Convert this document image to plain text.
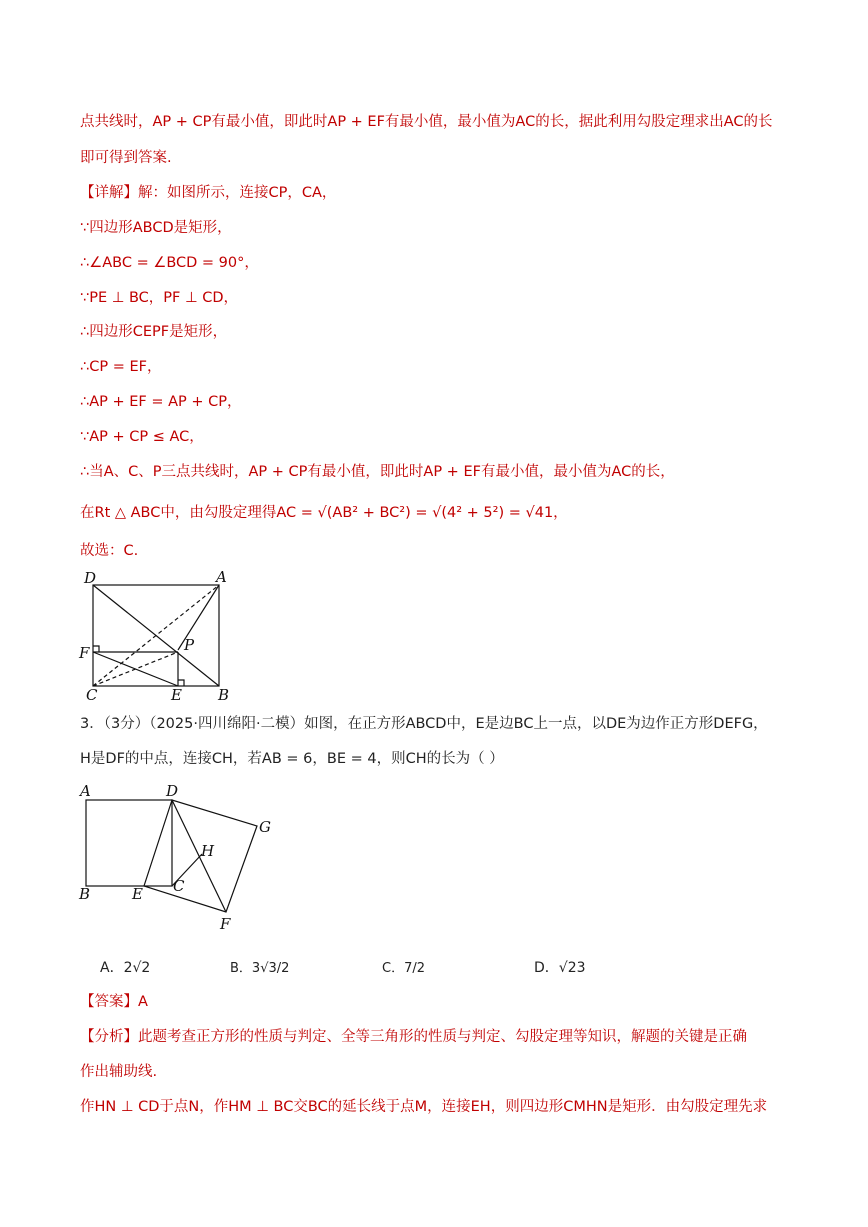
点共线时，AP + CP有最小值，即此时AP + EF有最小值，最小值为AC的长，据此利用勾股定理求出AC的长
即可得到答案.
【详解】解：如图所示，连接CP，CA，
∵四边形ABCD是矩形，
∴∠ABC = ∠BCD = 90°，
∵PE ⊥ BC，PF ⊥ CD，
∴四边形CEPF是矩形，
∴CP = EF，
∴AP + EF = AP + CP，
∵AP + CP ≤ AC，
∴当A、C、P三点共线时，AP + CP有最小值，即此时AP + EF有最小值，最小值为AC的长，
在Rt △ ABC中，由勾股定理得AC = √(AB² + BC²) = √(4² + 5²) = √41，
故选：C.
D	A
F	P
C	E B
3．（3分）（2025·四川绵阳·二模）如图，在正方形ABCD中，E是边BC上一点，以DE为边作正方形DEFG，
H是DF的中点，连接CH，若AB = 6，BE = 4，则CH的长为（ ）
A	D
G
H
C
B	E
F
A．2√2	B．3√3/2	C．7/2	D．√23
【答案】A
【分析】此题考查正方形的性质与判定、全等三角形的性质与判定、勾股定理等知识，解题的关键是正确
作出辅助线.
作HN ⊥ CD于点N，作HM ⊥ BC交BC的延长线于点M，连接EH，则四边形CMHN是矩形．由勾股定理先求
